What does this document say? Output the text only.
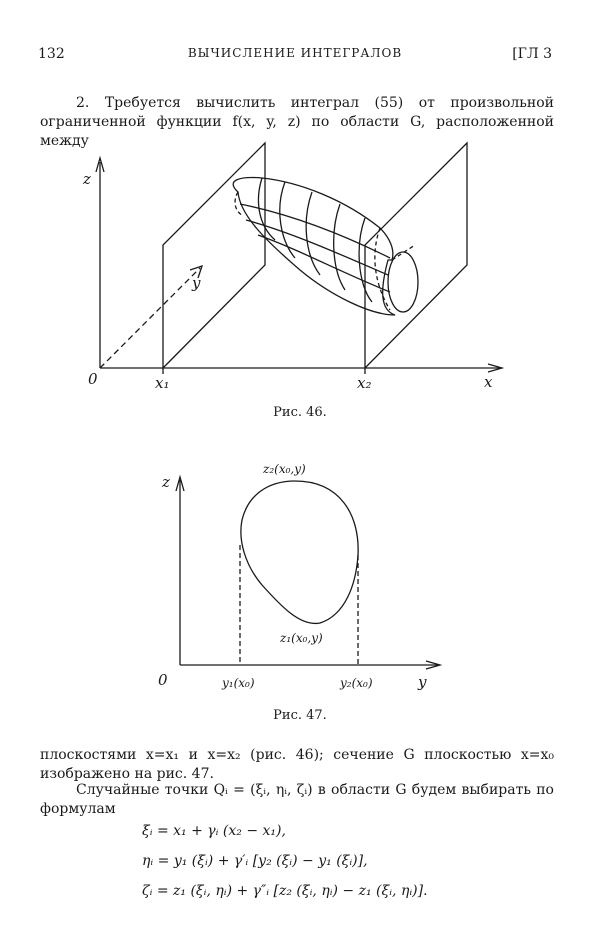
132	ВЫЧИСЛЕНИЕ ИНТЕГРАЛОВ	[ГЛ 3
2. Требуется вычислить интеграл (55) от произвольной ограниченной функции f(x, y, z) по области G, расположенной между
0
z
y
x
x₁	x₂
Рис. 46.
z
0	y
z₂(x₀,y)
z₁(x₀,y)
y₁(x₀)	y₂(x₀)
Рис. 47.
плоскостями x=x₁ и x=x₂ (рис. 46); сечение G плоскостью x=x₀ изображено на рис. 47.
Случайные точки Qᵢ = (ξᵢ, ηᵢ, ζᵢ) в области G будем выбирать по формулам
ξᵢ = x₁ + γᵢ (x₂ − x₁),
ηᵢ = y₁ (ξᵢ) + γ′ᵢ [y₂ (ξᵢ) − y₁ (ξᵢ)],
ζᵢ = z₁ (ξᵢ, ηᵢ) + γ″ᵢ [z₂ (ξᵢ, ηᵢ) − z₁ (ξᵢ, ηᵢ)].
